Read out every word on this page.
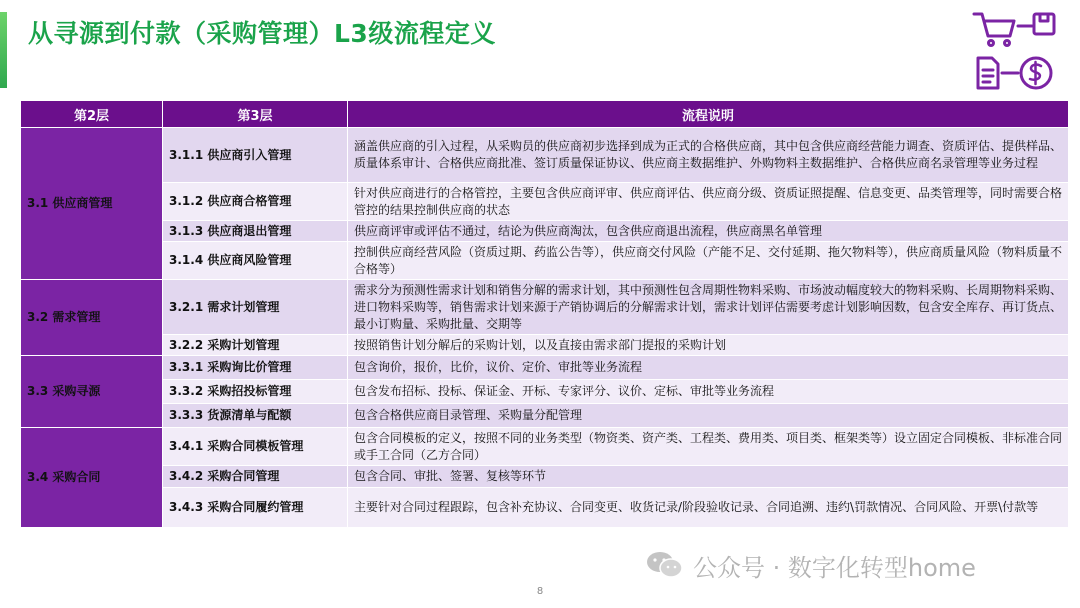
从寻源到付款（采购管理）L3级流程定义
第2层	第3层	流程说明
3.1 供应商管理	3.1.1 供应商引入管理	涵盖供应商的引入过程，从采购员的供应商初步选择到成为正式的合格供应商，其中包含供应商经营能力调查、资质评估、提供样品、质量体系审计、合格供应商批准、签订质量保证协议、供应商主数据维护、外购物料主数据维护、合格供应商名录管理等业务过程
	3.1.2 供应商合格管理	针对供应商进行的合格管控，主要包含供应商评审、供应商评估、供应商分级、资质证照提醒、信息变更、品类管理等，同时需要合格管控的结果控制供应商的状态
	3.1.3 供应商退出管理	供应商评审或评估不通过，结论为供应商淘汰，包含供应商退出流程，供应商黑名单管理
	3.1.4 供应商风险管理	控制供应商经营风险（资质过期、药监公告等），供应商交付风险（产能不足、交付延期、拖欠物料等），供应商质量风险（物料质量不合格等）
3.2 需求管理	3.2.1 需求计划管理	需求分为预测性需求计划和销售分解的需求计划，其中预测性包含周期性物料采购、市场波动幅度较大的物料采购、长周期物料采购、进口物料采购等，销售需求计划来源于产销协调后的分解需求计划，需求计划评估需要考虑计划影响因数，包含安全库存、再订货点、最小订购量、采购批量、交期等
	3.2.2 采购计划管理	按照销售计划分解后的采购计划，以及直接由需求部门提报的采购计划
3.3 采购寻源	3.3.1 采购询比价管理	包含询价，报价，比价，议价、定价、审批等业务流程
	3.3.2 采购招投标管理	包含发布招标、投标、保证金、开标、专家评分、议价、定标、审批等业务流程
	3.3.3 货源清单与配额	包含合格供应商目录管理、采购量分配管理
3.4 采购合同	3.4.1 采购合同模板管理	包含合同模板的定义，按照不同的业务类型（物资类、资产类、工程类、费用类、项目类、框架类等）设立固定合同模板、非标准合同或手工合同（乙方合同）
	3.4.2 采购合同管理	包含合同、审批、签署、复核等环节
	3.4.3 采购合同履约管理	主要针对合同过程跟踪，包含补充协议、合同变更、收货记录/阶段验收记录、合同追溯、违约\罚款情况、合同风险、开票\付款等
公众号 · 数字化转型home
8
